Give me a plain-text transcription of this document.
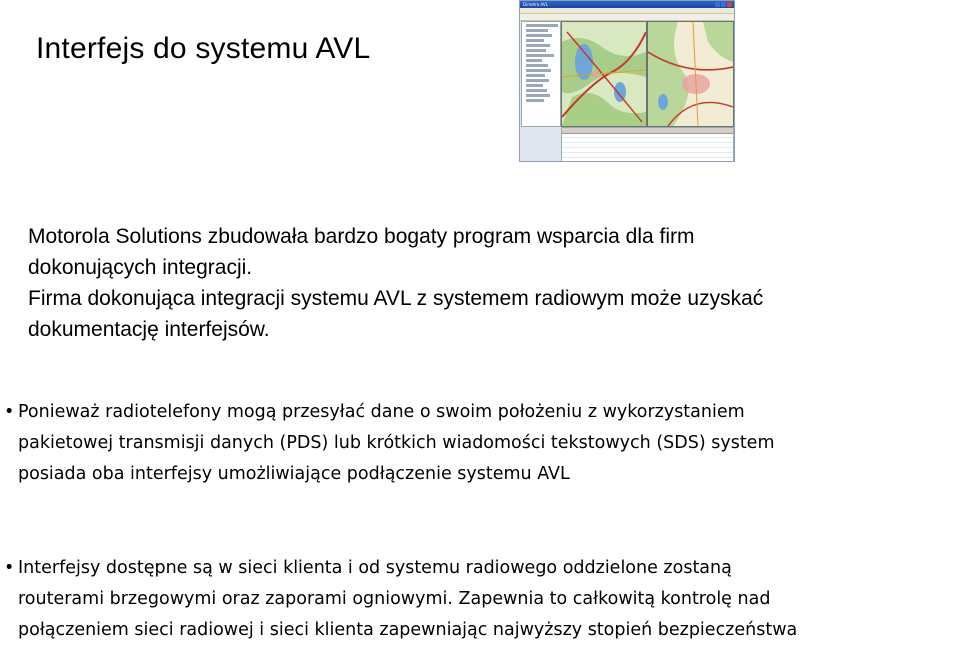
Interfejs do systemu AVL
Motorola Solutions zbudowała bardzo bogaty program wsparcia dla firm
dokonujących integracji.
Firma dokonująca integracji systemu AVL z systemem radiowym może uzyskać
dokumentację interfejsów.
• Ponieważ radiotelefony mogą przesyłać dane o swoim położeniu z wykorzystaniem
pakietowej transmisji danych (PDS) lub krótkich wiadomości tekstowych (SDS) system
posiada oba interfejsy umożliwiające podłączenie systemu AVL
• Interfejsy dostępne są w sieci klienta i od systemu radiowego oddzielone zostaną
routerami brzegowymi oraz zaporami ogniowymi. Zapewnia to całkowitą kontrolę nad
połączeniem sieci radiowej i sieci klienta zapewniając najwyższy stopień bezpieczeństwa
Dimetra AVL
